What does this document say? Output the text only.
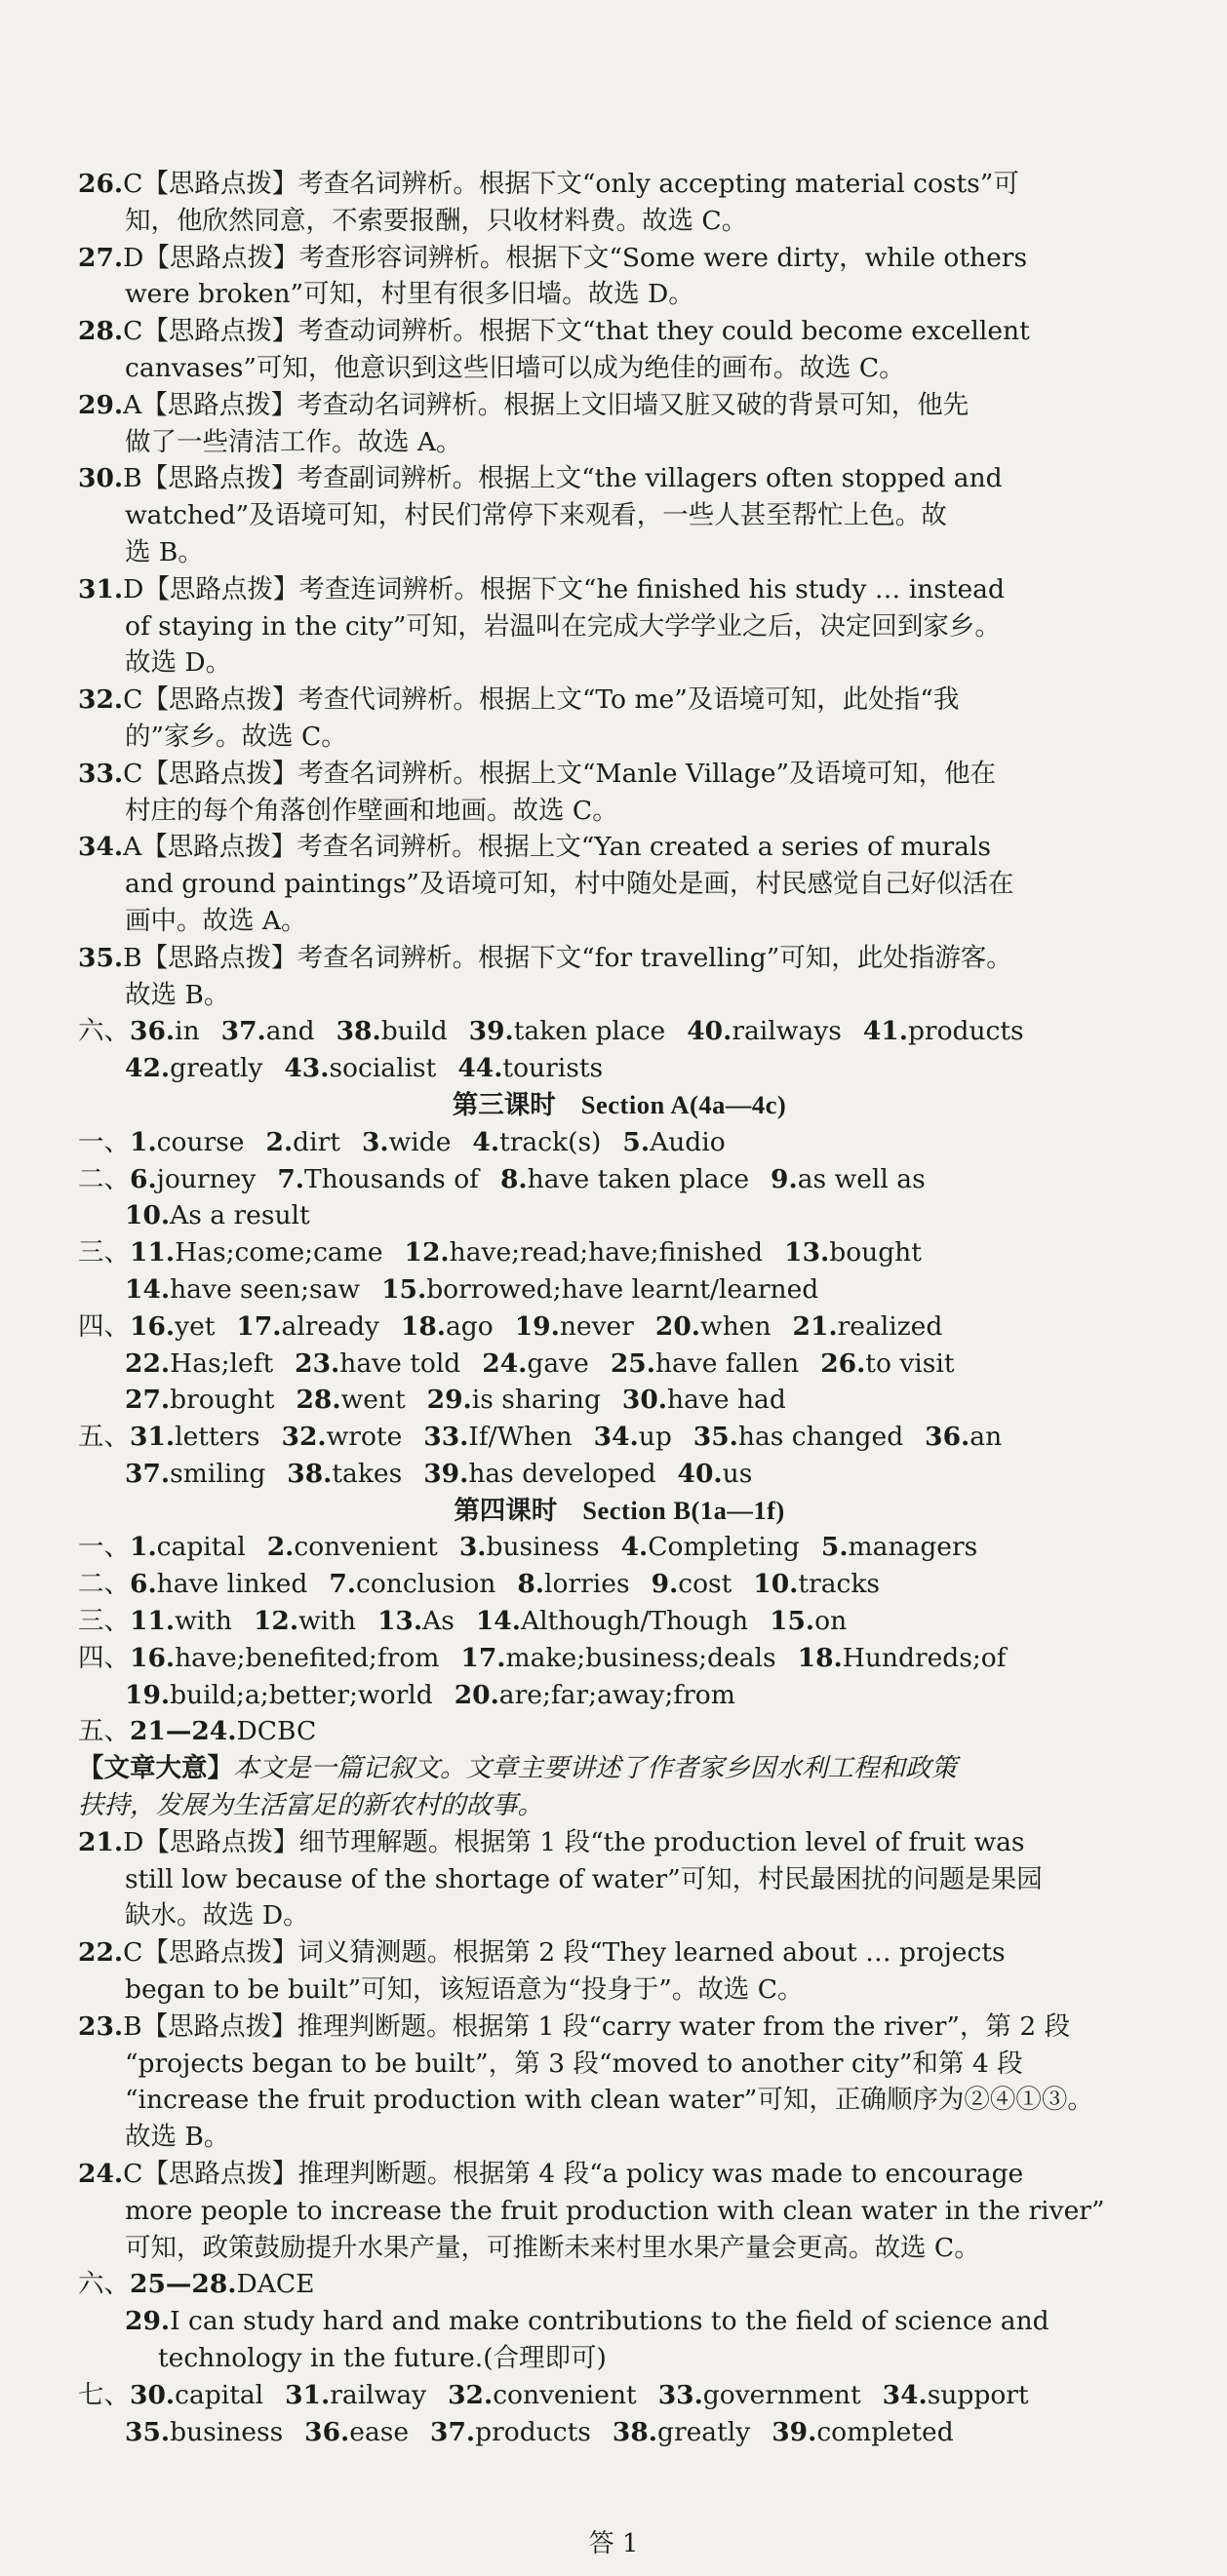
26.C【思路点拨】考查名词辨析。根据下文“only accepting material costs”可
知，他欣然同意，不索要报酬，只收材料费。故选 C。
27.D【思路点拨】考查形容词辨析。根据下文“Some were dirty，while others
were broken”可知，村里有很多旧墙。故选 D。
28.C【思路点拨】考查动词辨析。根据下文“that they could become excellent
canvases”可知，他意识到这些旧墙可以成为绝佳的画布。故选 C。
29.A【思路点拨】考查动名词辨析。根据上文旧墙又脏又破的背景可知，他先
做了一些清洁工作。故选 A。
30.B【思路点拨】考查副词辨析。根据上文“the villagers often stopped and
watched”及语境可知，村民们常停下来观看，一些人甚至帮忙上色。故
选 B。
31.D【思路点拨】考查连词辨析。根据下文“he finished his study … instead
of staying in the city”可知，岩温叫在完成大学学业之后，决定回到家乡。
故选 D。
32.C【思路点拨】考查代词辨析。根据上文“To me”及语境可知，此处指“我
的”家乡。故选 C。
33.C【思路点拨】考查名词辨析。根据上文“Manle Village”及语境可知，他在
村庄的每个角落创作壁画和地画。故选 C。
34.A【思路点拨】考查名词辨析。根据上文“Yan created a series of murals
and ground paintings”及语境可知，村中随处是画，村民感觉自己好似活在
画中。故选 A。
35.B【思路点拨】考查名词辨析。根据下文“for travelling”可知，此处指游客。
故选 B。
六、36.in 37.and 38.build 39.taken place 40.railways 41.products
42.greatly 43.socialist 44.tourists
第三课时 Section A(4a—4c)
一、1.course 2.dirt 3.wide 4.track(s) 5.Audio
二、6.journey 7.Thousands of 8.have taken place 9.as well as
10.As a result
三、11.Has;come;came 12.have;read;have;finished 13.bought
14.have seen;saw 15.borrowed;have learnt/learned
四、16.yet 17.already 18.ago 19.never 20.when 21.realized
22.Has;left 23.have told 24.gave 25.have fallen 26.to visit
27.brought 28.went 29.is sharing 30.have had
五、31.letters 32.wrote 33.If/When 34.up 35.has changed 36.an
37.smiling 38.takes 39.has developed 40.us
第四课时 Section B(1a—1f)
一、1.capital 2.convenient 3.business 4.Completing 5.managers
二、6.have linked 7.conclusion 8.lorries 9.cost 10.tracks
三、11.with 12.with 13.As 14.Although/Though 15.on
四、16.have;benefited;from 17.make;business;deals 18.Hundreds;of
19.build;a;better;world 20.are;far;away;from
五、21—24.DCBC
【文章大意】本文是一篇记叙文。文章主要讲述了作者家乡因水利工程和政策
扶持，发展为生活富足的新农村的故事。
21.D【思路点拨】细节理解题。根据第 1 段“the production level of fruit was
still low because of the shortage of water”可知，村民最困扰的问题是果园
缺水。故选 D。
22.C【思路点拨】词义猜测题。根据第 2 段“They learned about … projects
began to be built”可知，该短语意为“投身于”。故选 C。
23.B【思路点拨】推理判断题。根据第 1 段“carry water from the river”，第 2 段
“projects began to be built”，第 3 段“moved to another city”和第 4 段
“increase the fruit production with clean water”可知，正确顺序为②④①③。
故选 B。
24.C【思路点拨】推理判断题。根据第 4 段“a policy was made to encourage
more people to increase the fruit production with clean water in the river”
可知，政策鼓励提升水果产量，可推断未来村里水果产量会更高。故选 C。
六、25—28.DACE
29.I can study hard and make contributions to the field of science and
technology in the future.(合理即可)
七、30.capital 31.railway 32.convenient 33.government 34.support
35.business 36.ease 37.products 38.greatly 39.completed
答 1
